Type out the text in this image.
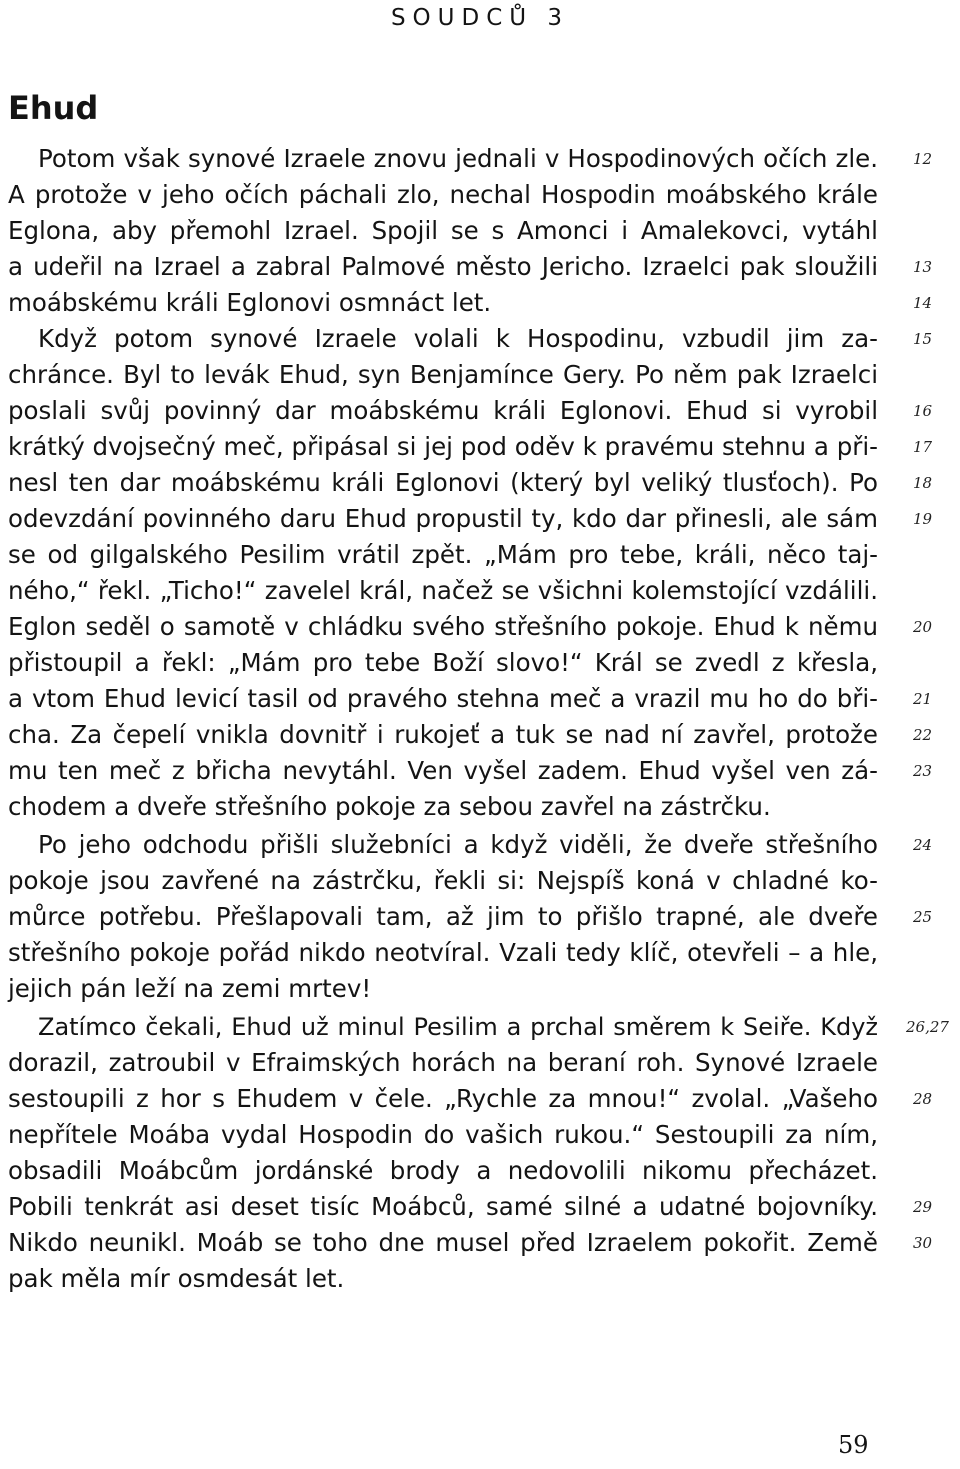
SOUDCŮ 3
Ehud
Potom však synové Izraele znovu jednali v Hospodinových očích zle.
A protože v jeho očích páchali zlo, nechal Hospodin moábského krále
Eglona, aby přemohl Izrael. Spojil se s Amonci i Amalekovci, vytáhl
a udeřil na Izrael a zabral Palmové město Jericho. Izraelci pak sloužili
moábskému králi Eglonovi osmnáct let.
Když potom synové Izraele volali k Hospodinu, vzbudil jim za-
chránce. Byl to levák Ehud, syn Benjamínce Gery. Po něm pak Izraelci
poslali svůj povinný dar moábskému králi Eglonovi. Ehud si vyrobil
krátký dvojsečný meč, připásal si jej pod oděv k pravému stehnu a při-
nesl ten dar moábskému králi Eglonovi (který byl veliký tlusťoch). Po
odevzdání povinného daru Ehud propustil ty, kdo dar přinesli, ale sám
se od gilgalského Pesilim vrátil zpět. „Mám pro tebe, králi, něco taj-
ného,“ řekl. „Ticho!“ zavelel král, načež se všichni kolemstojící vzdálili.
Eglon seděl o samotě v chládku svého střešního pokoje. Ehud k němu
přistoupil a řekl: „Mám pro tebe Boží slovo!“ Král se zvedl z křesla,
a vtom Ehud levicí tasil od pravého stehna meč a vrazil mu ho do bři-
cha. Za čepelí vnikla dovnitř i rukojeť a tuk se nad ní zavřel, protože
mu ten meč z břicha nevytáhl. Ven vyšel zadem. Ehud vyšel ven zá-
chodem a dveře střešního pokoje za sebou zavřel na zástrčku.
Po jeho odchodu přišli služebníci a když viděli, že dveře střešního
pokoje jsou zavřené na zástrčku, řekli si: Nejspíš koná v chladné ko-
můrce potřebu. Přešlapovali tam, až jim to přišlo trapné, ale dveře
střešního pokoje pořád nikdo neotvíral. Vzali tedy klíč, otevřeli – a hle,
jejich pán leží na zemi mrtev!
Zatímco čekali, Ehud už minul Pesilim a prchal směrem k Seiře. Když
dorazil, zatroubil v Efraimských horách na beraní roh. Synové Izraele
sestoupili z hor s Ehudem v čele. „Rychle za mnou!“ zvolal. „Vašeho
nepřítele Moába vydal Hospodin do vašich rukou.“ Sestoupili za ním,
obsadili Moábcům jordánské brody a nedovolili nikomu přecházet.
Pobili tenkrát asi deset tisíc Moábců, samé silné a udatné bojovníky.
Nikdo neunikl. Moáb se toho dne musel před Izraelem pokořit. Země
pak měla mír osmdesát let.
12
13
14
15
16
17
18
19
20
21
22
23
24
25
26,27
28
29
30
59
